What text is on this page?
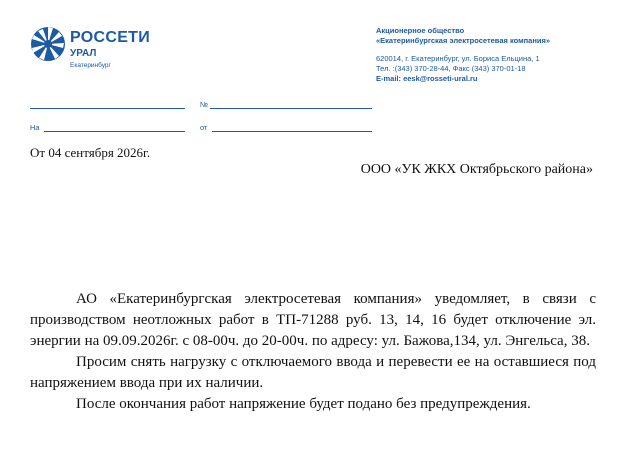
РОССЕТИ
УРАЛ
Екатеринбург
Акционерное общество
«Екатеринбургская электросетевая компания»
620014, г. Екатеринбург, ул. Бориса Ельцина, 1
Тел. :(343) 370-28-44, Факс (343) 370-01-18
E-mail: eesk@rosseti-ural.ru
№
На	от
От 04 сентября 2026г.
ООО «УК ЖКХ Октябрьского района»

АО «Екатеринбургская электросетевая компания» уведомляет, в связи с производством неотложных работ в ТП-71288 руб. 13, 14, 16 будет отключение эл. энергии на 09.09.2026г. с 08-00ч. до 20-00ч. по адресу: ул. Бажова,134, ул. Энгельса, 38.

Просим снять нагрузку с отключаемого ввода и перевести ее на оставшиеся под напряжением ввода при их наличии.

После окончания работ напряжение будет подано без предупреждения.
